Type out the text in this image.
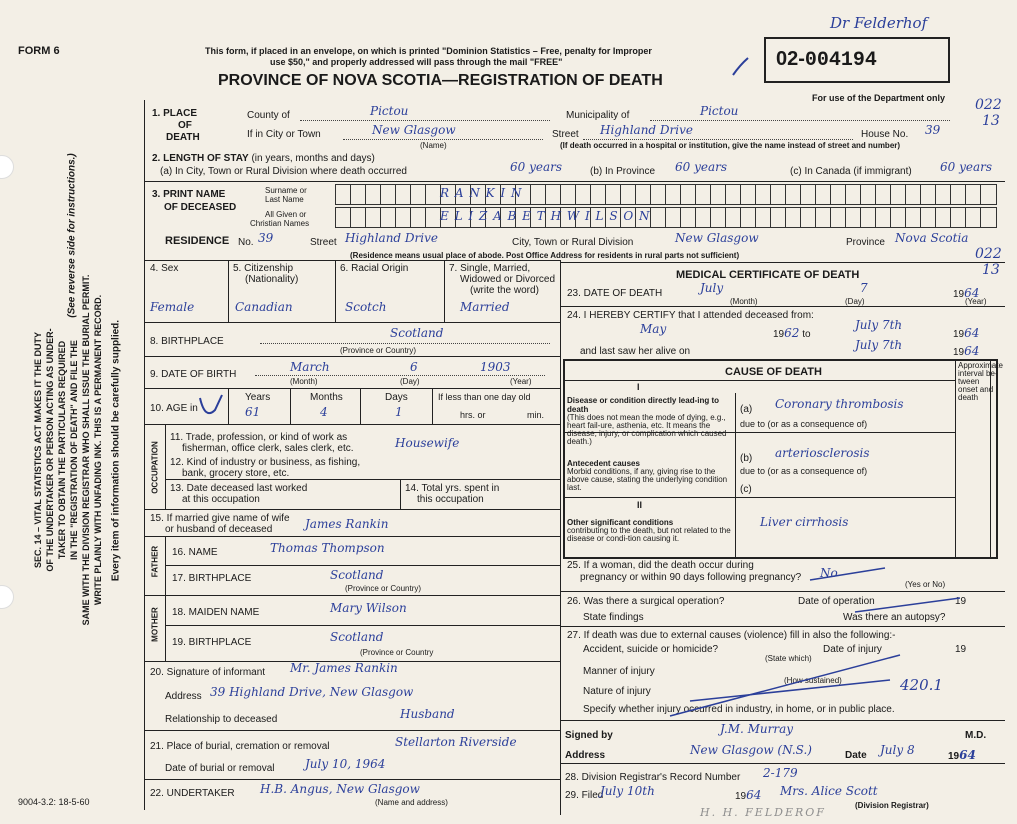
FORM 6	This form, if placed in an envelope, on which is printed "Dominion Statistics – Free, penalty for Improper
use $50," and properly addressed will pass through the mail "FREE"
PROVINCE OF NOVA SCOTIA—REGISTRATION OF DEATH
02-004194
Dr Felderhof
For use of the Department only 022
13
022
13
SEC. 14 – VITAL STATISTICS ACT MAKES IT THE DUTY OF THE UNDERTAKER OR PERSON ACTING AS UNDER- TAKER TO OBTAIN THE PARTICULARS REQUIRED IN THE "REGISTRATION OF DEATH" AND FILE THE SAME WITH THE DIVISION REGISTRAR WHO SHALL ISSUE THE BURIAL PERMIT. WRITE PLAINLY WITH UNFADING INK. THIS IS A PERMANENT RECORD. Every item of information should be carefully supplied.
(See reverse side for instructions.)
1. PLACE
OF
DEATH
County of	Pictou	Municipality of	Pictou
If in City or Town	New Glasgow
(Name)
Street Highland Drive	House No. 39
(If death occurred in a hospital or institution, give the name instead of street and number)
2. LENGTH OF STAY (in years, months and days)
(a) In City, Town or Rural Division where death occurred	60 years	(b) In Province 60 years	(c) In Canada (if immigrant) 60 years
3. PRINT NAME
OF DECEASED
Surname or
Last Name	R A N K I N
All Given or
Christian Names
E L I Z A B E T H W I L S O N
RESIDENCE No. 39	Street Highland Drive	City, Town or Rural Division	New Glasgow	Province Nova Scotia
(Residence means usual place of abode. Post Office Address for residents in rural parts not sufficient)
4. Sex	5. Citizenship
(Nationality)
6. Racial Origin	7. Single, Married,
Widowed or Divorced
(write the word)
Female	Canadian	Scotch	Married
8. BIRTHPLACE
Scotland
(Province or Country)
9. DATE OF BIRTH
March	6	1903
(Month)	(Day)	(Year)
10. AGE in
Years
61
Months
4
Days
1
If less than one day old
hrs. or	min.
OCCUPATION
11. Trade, profession, or kind of work as
fisherman, office clerk, sales clerk, etc.	Housewife
12. Kind of industry or business, as fishing,
bank, grocery store, etc.
13. Date deceased last worked
at this occupation
14. Total yrs. spent in
this occupation
15. If married give name of wife
or husband of deceased	James Rankin
FATHER 16. NAME	Thomas Thompson
17. BIRTHPLACE	Scotland
(Province or Country)
MOTHER 18. MAIDEN NAME	Mary Wilson
19. BIRTHPLACE	Scotland
(Province or Country
20. Signature of informant Mr. James Rankin
Address 39 Highland Drive, New Glasgow
Relationship to deceased	Husband
21. Place of burial, cremation or removal	Stellarton Riverside
Date of burial or removal	July 10, 1964
22. UNDERTAKER H.B. Angus, New Glasgow
(Name and address)
9004-3.2: 18-5-60
MEDICAL CERTIFICATE OF DEATH
23. DATE OF DEATH	July	7	1964
(Month)	(Day)	(Year)
24. I HEREBY CERTIFY that I attended deceased from:
May	1962 to
July 7th
1964
and last saw her alive on	July 7th
1964
CAUSE OF DEATH
Approximate interval be-tween onset and death
I
Disease or condition directly lead-ing to death
(This does not mean the mode of dying, e.g., heart fail-ure, asthenia, etc. It means the disease, injury, or complication which caused death.)
(a) Coronary thrombosis
due to (or as a consequence of)
Antecedent causes
Morbid conditions, if any, giving rise to the above cause, stating the underlying condition last.
(b) arteriosclerosis
due to (or as a consequence of)
(c)
II
Other significant conditions
contributing to the death, but not related to the disease or condi-tion causing it.
Liver cirrhosis
25. If a woman, did the death occur during
pregnancy or within 90 days following pregnancy? No
(Yes or No)
26. Was there a surgical operation?	Date of operation	19
State findings	Was there an autopsy?
27. If death was due to external causes (violence) fill in also the following:-
Accident, suicide or homicide?
(State which)
Date of injury	19
Manner of injury
(How sustained)
Nature of injury	420.1
Specify whether injury occurred in industry, in home, or in public place.
Signed by	J.M. Murray	M.D.
Address	New Glasgow (N.S.)	Date July 8	1964
28. Division Registrar's Record Number 2-179
29. Filed
July 10th	1964 Mrs. Alice Scott
(Division Registrar)
H. H. FELDEROF
